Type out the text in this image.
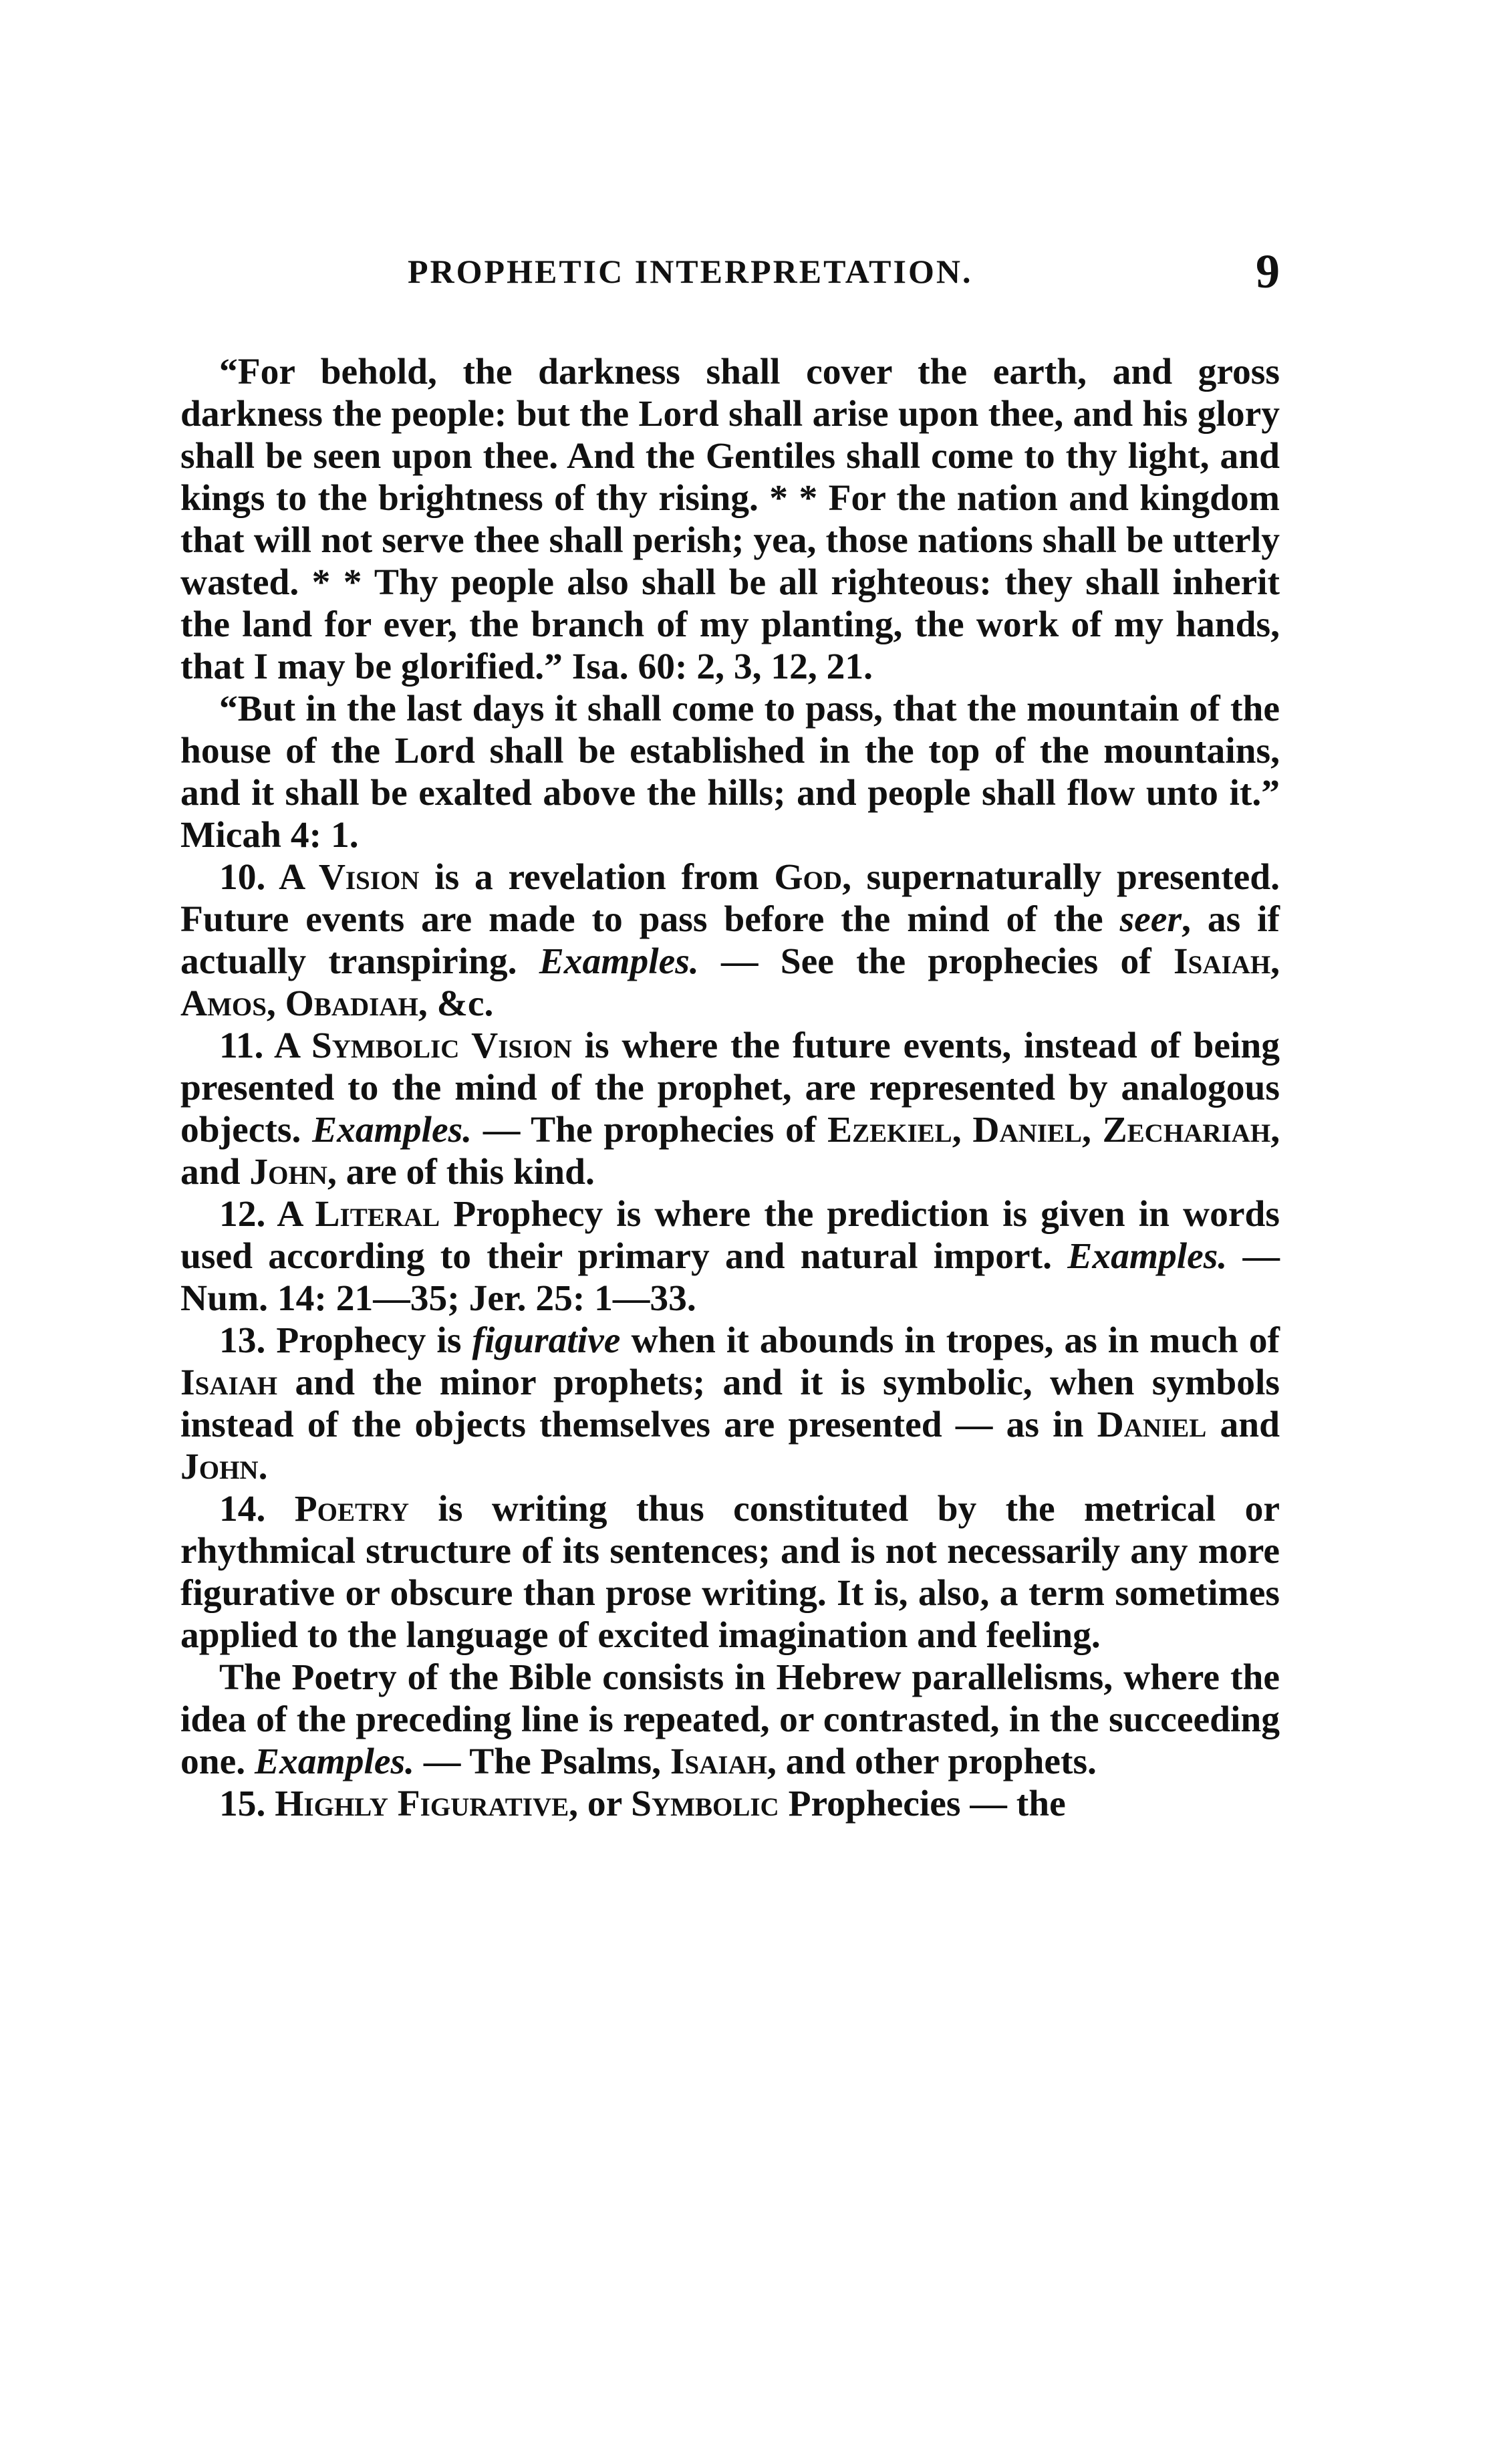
PROPHETIC INTERPRETATION.	9

“For behold, the darkness shall cover the earth, and gross darkness the people: but the Lord shall arise upon thee, and his glory shall be seen upon thee. And the Gentiles shall come to thy light, and kings to the brightness of thy rising. * * For the nation and kingdom that will not serve thee shall perish; yea, those nations shall be utterly wasted. * * Thy people also shall be all righteous: they shall inherit the land for ever, the branch of my planting, the work of my hands, that I may be glorified.” Isa. 60: 2, 3, 12, 21.

“But in the last days it shall come to pass, that the mountain of the house of the Lord shall be established in the top of the mountains, and it shall be exalted above the hills; and people shall flow unto it.” Micah 4: 1.

10. A Vision is a revelation from God, supernaturally presented. Future events are made to pass before the mind of the seer, as if actually transpiring. Examples. — See the prophecies of Isaiah, Amos, Obadiah, &c.

11. A Symbolic Vision is where the future events, instead of being presented to the mind of the prophet, are represented by analogous objects. Examples. — The prophecies of Ezekiel, Daniel, Zechariah, and John, are of this kind.

12. A Literal Prophecy is where the prediction is given in words used according to their primary and natural import. Examples. — Num. 14: 21—35; Jer. 25: 1—33.

13. Prophecy is figurative when it abounds in tropes, as in much of Isaiah and the minor prophets; and it is symbolic, when symbols instead of the objects themselves are presented — as in Daniel and John.

14. Poetry is writing thus constituted by the metrical or rhythmical structure of its sentences; and is not necessarily any more figurative or obscure than prose writing. It is, also, a term sometimes applied to the language of excited imagination and feeling.

The Poetry of the Bible consists in Hebrew parallelisms, where the idea of the preceding line is repeated, or contrasted, in the succeeding one. Examples. — The Psalms, Isaiah, and other prophets.

15. Highly Figurative, or Symbolic Prophecies — the
